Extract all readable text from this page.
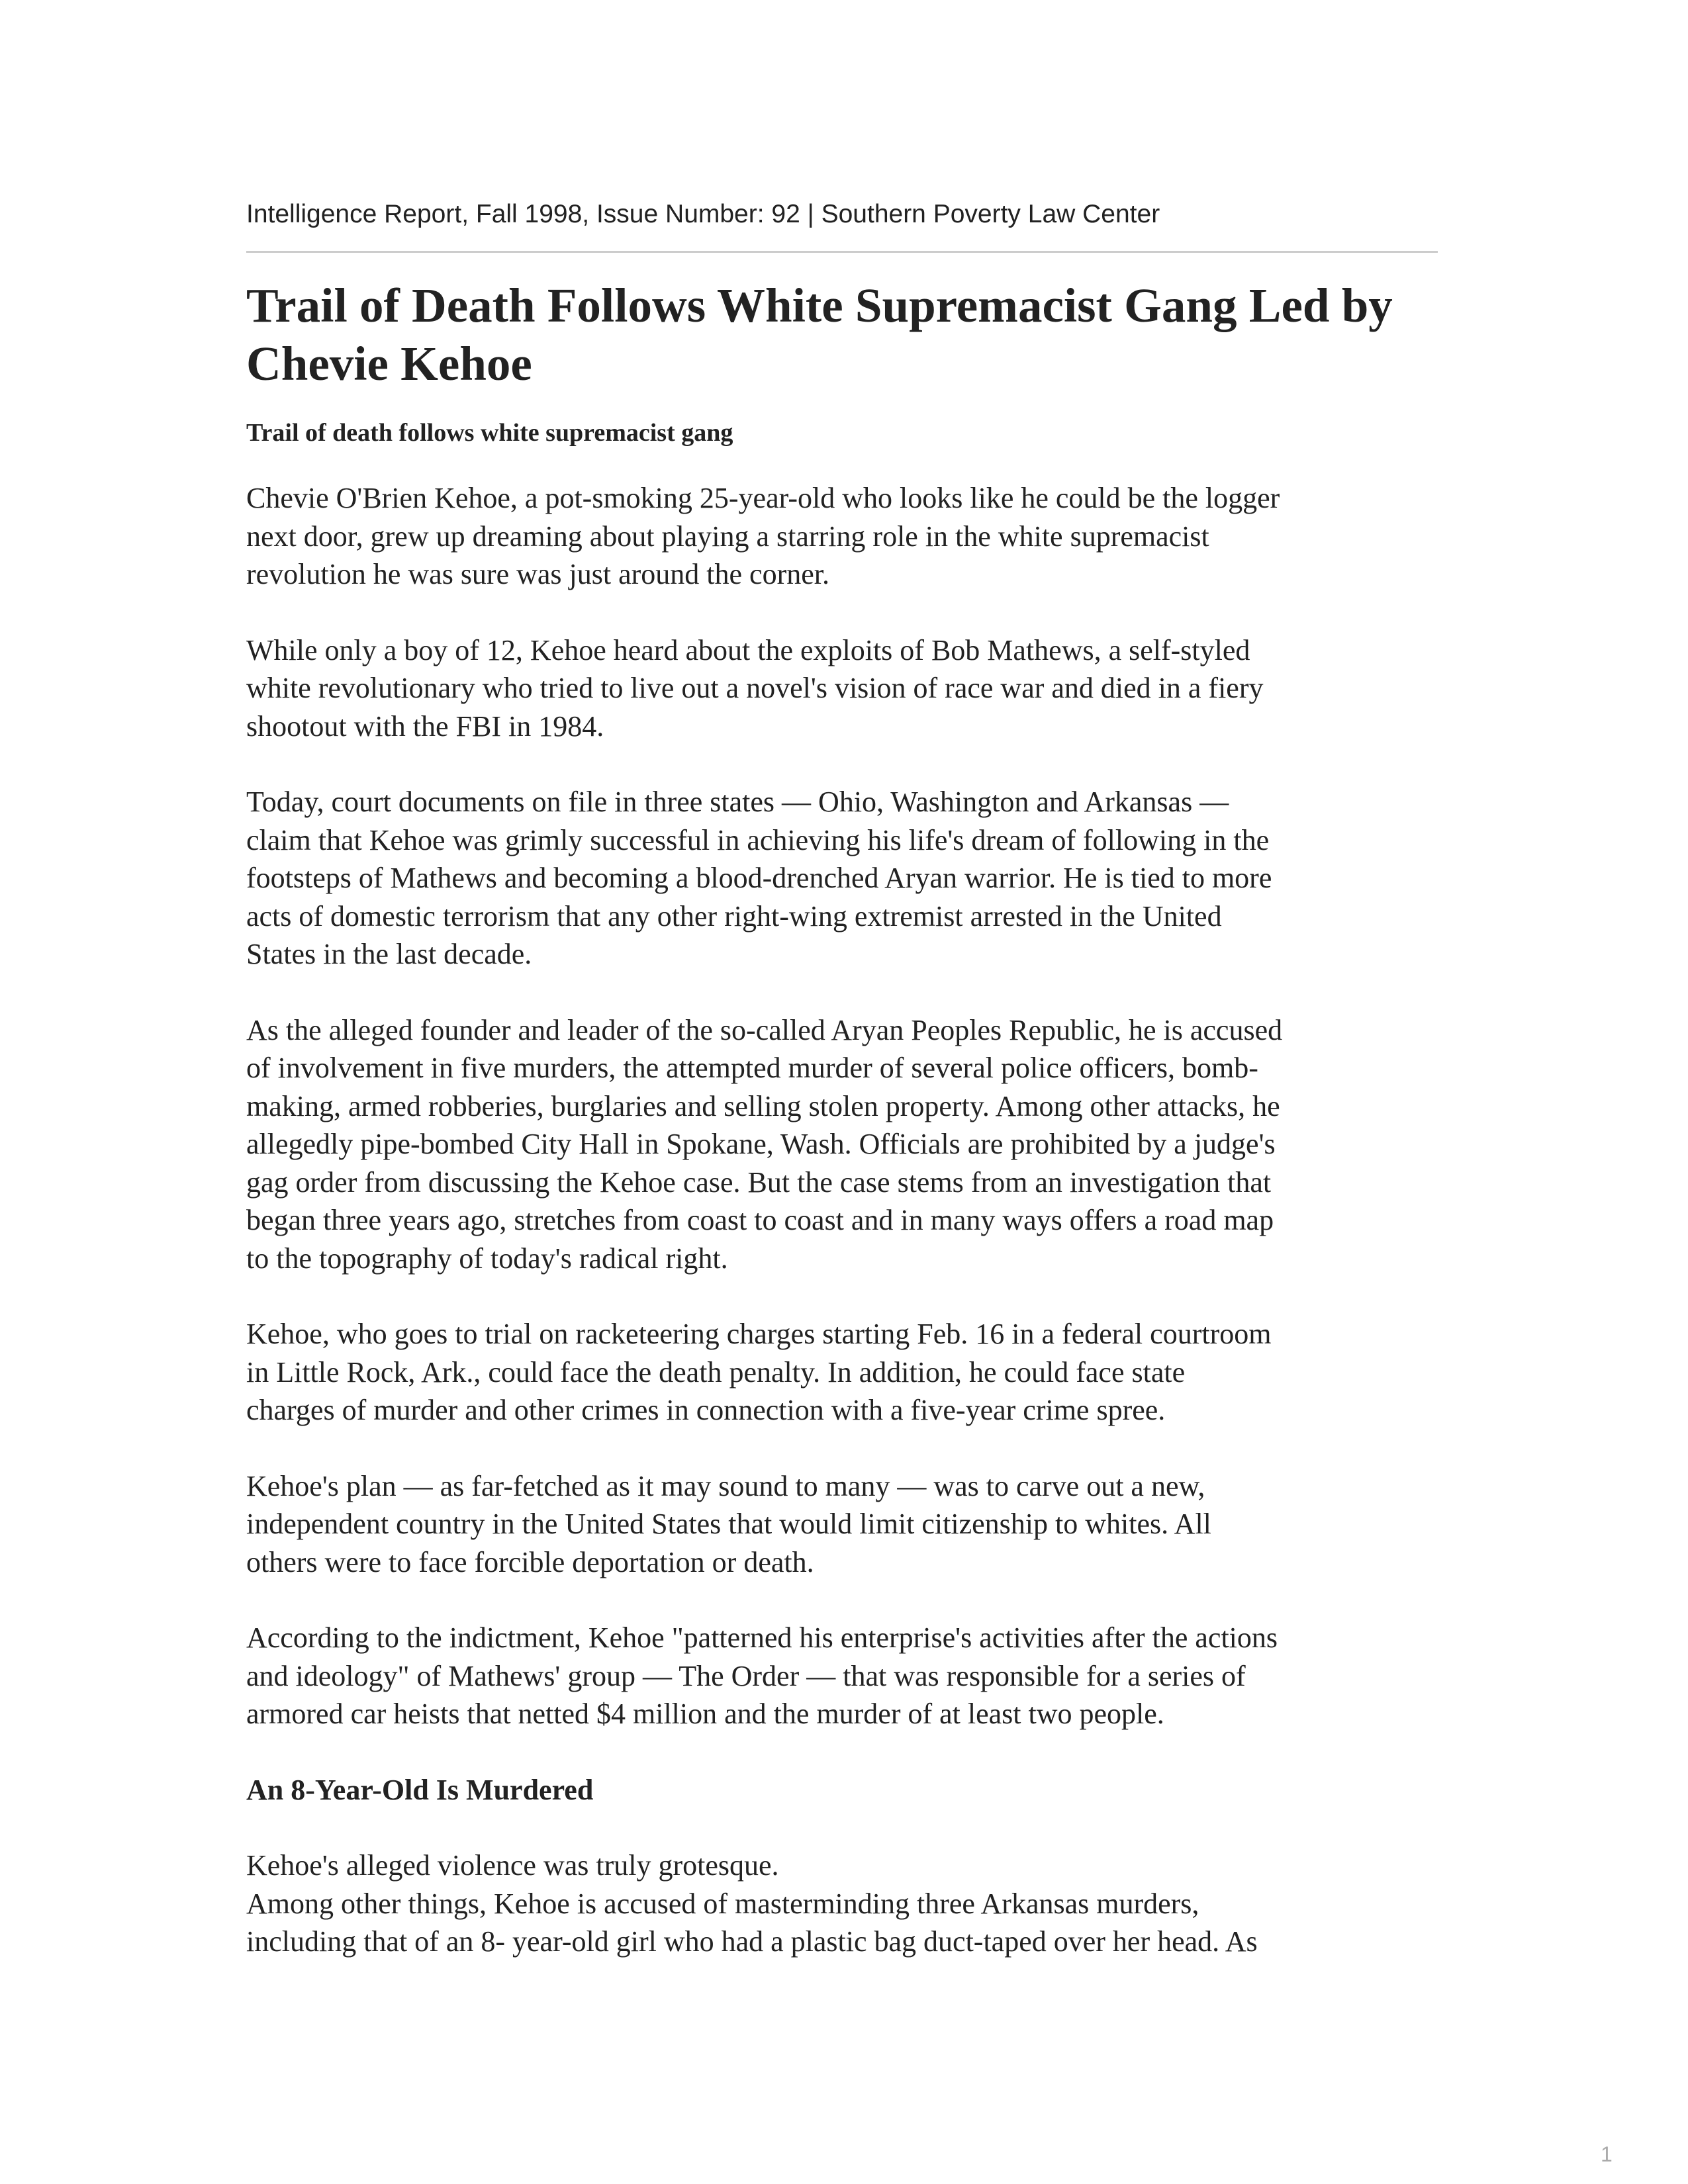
Intelligence Report, Fall 1998, Issue Number: 92 | Southern Poverty Law Center
Trail of Death Follows White Supremacist Gang Led by Chevie Kehoe
Trail of death follows white supremacist gang

Chevie O'Brien Kehoe, a pot-smoking 25-year-old who looks like he could be the logger
next door, grew up dreaming about playing a starring role in the white supremacist
revolution he was sure was just around the corner.

While only a boy of 12, Kehoe heard about the exploits of Bob Mathews, a self-styled
white revolutionary who tried to live out a novel's vision of race war and died in a fiery
shootout with the FBI in 1984.

Today, court documents on file in three states — Ohio, Washington and Arkansas —
claim that Kehoe was grimly successful in achieving his life's dream of following in the
footsteps of Mathews and becoming a blood-drenched Aryan warrior. He is tied to more
acts of domestic terrorism that any other right-wing extremist arrested in the United
States in the last decade.

As the alleged founder and leader of the so-called Aryan Peoples Republic, he is accused
of involvement in five murders, the attempted murder of several police officers, bomb-
making, armed robberies, burglaries and selling stolen property. Among other attacks, he
allegedly pipe-bombed City Hall in Spokane, Wash. Officials are prohibited by a judge's
gag order from discussing the Kehoe case. But the case stems from an investigation that
began three years ago, stretches from coast to coast and in many ways offers a road map
to the topography of today's radical right.

Kehoe, who goes to trial on racketeering charges starting Feb. 16 in a federal courtroom
in Little Rock, Ark., could face the death penalty. In addition, he could face state
charges of murder and other crimes in connection with a five-year crime spree.

Kehoe's plan — as far-fetched as it may sound to many — was to carve out a new,
independent country in the United States that would limit citizenship to whites. All
others were to face forcible deportation or death.

According to the indictment, Kehoe "patterned his enterprise's activities after the actions
and ideology" of Mathews' group — The Order — that was responsible for a series of
armored car heists that netted $4 million and the murder of at least two people.

An 8-Year-Old Is Murdered

Kehoe's alleged violence was truly grotesque.
Among other things, Kehoe is accused of masterminding three Arkansas murders,
including that of an 8- year-old girl who had a plastic bag duct-taped over her head. As

1
